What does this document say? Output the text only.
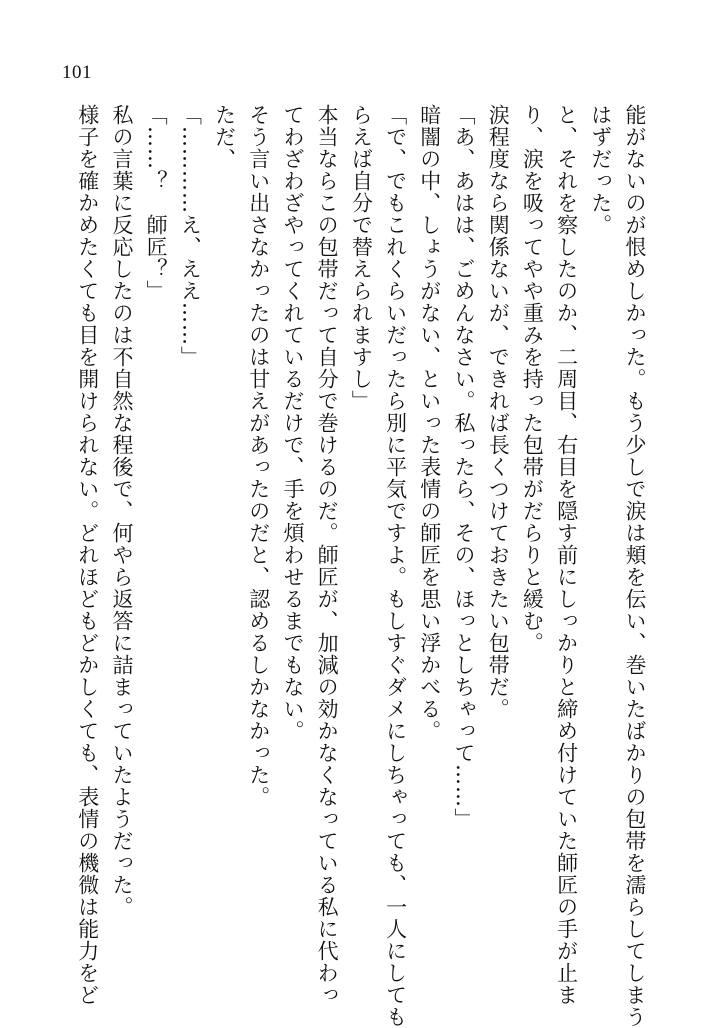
101
能がないのが恨めしかった。もう少しで涙は頬を伝い、巻いたばかりの包帯を濡らしてしまう
はずだった。
と、それを察したのか、二周目、右目を隠す前にしっかりと締め付けていた師匠の手が止ま
り、涙を吸ってやや重みを持った包帯がだらりと緩む。
涙程度なら関係ないが、できれば長くつけておきたい包帯だ。
「あ、あはは、ごめんなさい。私ったら、その、ほっとしちゃって……」
暗闇の中、しょうがない、といった表情の師匠を思い浮かべる。
「で、でもこれくらいだったら別に平気ですよ。もしすぐダメにしちゃっても、一人にしても
らえば自分で替えられますし」
本当ならこの包帯だって自分で巻けるのだ。師匠が、加減の効かなくなっている私に代わっ
てわざわざやってくれているだけで、手を煩わせるまでもない。
そう言い出さなかったのは甘えがあったのだと、認めるしかなかった。
ただ、
「…………え、ええ……」
「……？　師匠？」
私の言葉に反応したのは不自然な程後で、何やら返答に詰まっていたようだった。
様子を確かめたくても目を開けられない。どれほどもどかしくても、表情の機微は能力をど
